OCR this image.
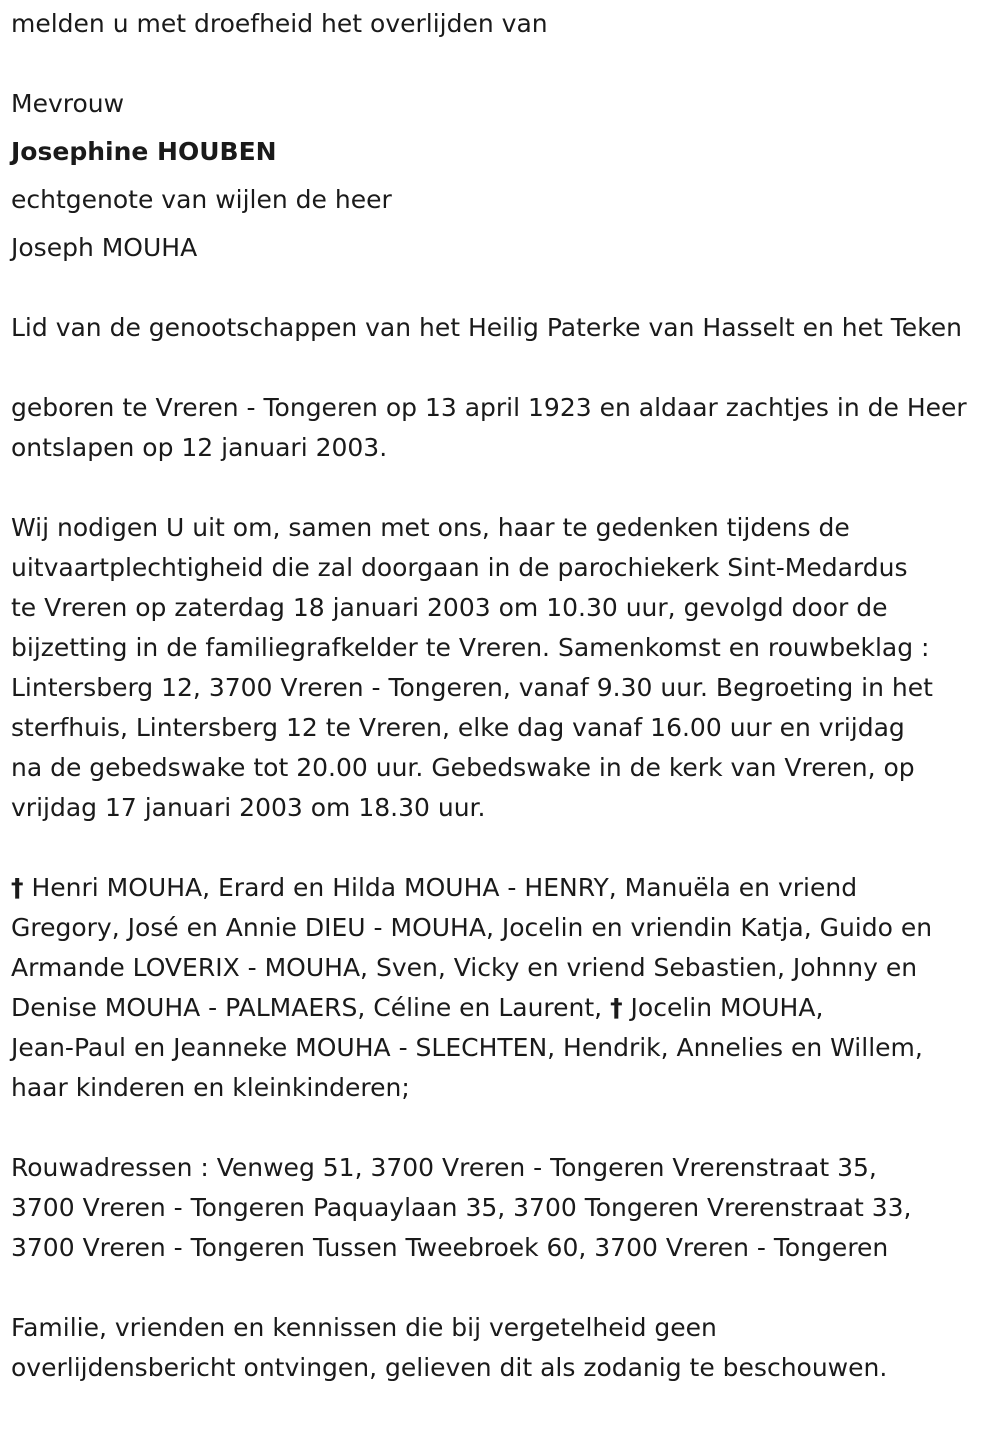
melden u met droefheid het overlijden van

Mevrouw

Josephine HOUBEN

echtgenote van wijlen de heer

Joseph MOUHA

Lid van de genootschappen van het Heilig Paterke van Hasselt en het Teken

geboren te Vreren - Tongeren op 13 april 1923 en aldaar zachtjes in de Heer ontslapen op 12 januari 2003.

Wij nodigen U uit om, samen met ons, haar te gedenken tijdens de

uitvaartplechtigheid die zal doorgaan in de parochiekerk Sint-Medardus

te Vreren op zaterdag 18 januari 2003 om 10.30 uur, gevolgd door de

bijzetting in de familiegrafkelder te Vreren. Samenkomst en rouwbeklag :

Lintersberg 12, 3700 Vreren - Tongeren, vanaf 9.30 uur. Begroeting in het

sterfhuis, Lintersberg 12 te Vreren, elke dag vanaf 16.00 uur en vrijdag

na de gebedswake tot 20.00 uur. Gebedswake in de kerk van Vreren, op

vrijdag 17 januari 2003 om 18.30 uur.

† Henri MOUHA, Erard en Hilda MOUHA - HENRY, Manuëla en vriend

Gregory, José en Annie DIEU - MOUHA, Jocelin en vriendin Katja, Guido en

Armande LOVERIX - MOUHA, Sven, Vicky en vriend Sebastien, Johnny en

Denise MOUHA - PALMAERS, Céline en Laurent, † Jocelin MOUHA,

Jean-Paul en Jeanneke MOUHA - SLECHTEN, Hendrik, Annelies en Willem,

haar kinderen en kleinkinderen;

Rouwadressen : Venweg 51, 3700 Vreren - Tongeren Vrerenstraat 35,

3700 Vreren - Tongeren Paquaylaan 35, 3700 Tongeren Vrerenstraat 33,

3700 Vreren - Tongeren Tussen Tweebroek 60, 3700 Vreren - Tongeren

Familie, vrienden en kennissen die bij vergetelheid geen

overlijdensbericht ontvingen, gelieven dit als zodanig te beschouwen.
